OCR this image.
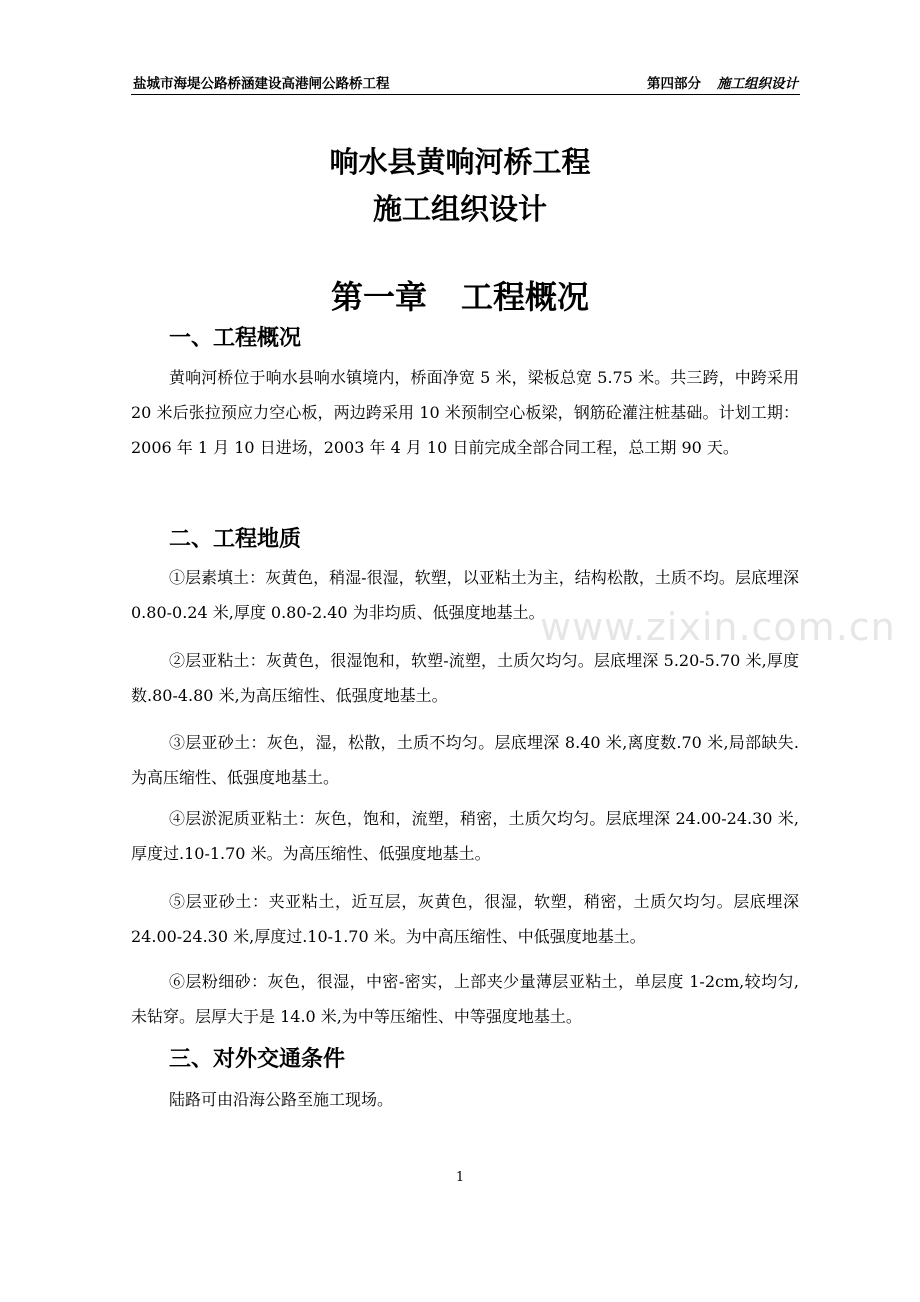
盐城市海堤公路桥涵建设高港闸公路桥工程	第四部分 施工组织设计
响水县黄响河桥工程
施工组织设计
第一章 工程概况
一、工程概况
黄响河桥位于响水县响水镇境内，桥面净宽 5 米，梁板总宽 5.75 米。共三跨，中跨采用 20 米后张拉预应力空心板，两边跨采用 10 米预制空心板梁，钢筋砼灌注桩基础。计划工期：2006 年 1 月 10 日进场，2003 年 4 月 10 日前完成全部合同工程，总工期 90 天。
二、工程地质
①层素填土：灰黄色，稍湿-很湿，软塑，以亚粘土为主，结构松散，土质不均。层底埋深 0.80-0.24 米,厚度 0.80-2.40 为非均质、低强度地基土。
②层亚粘土：灰黄色，很湿饱和，软塑-流塑，土质欠均匀。层底埋深 5.20-5.70 米,厚度数.80-4.80 米,为高压缩性、低强度地基土。
③层亚砂土：灰色，湿，松散，土质不均匀。层底埋深 8.40 米,离度数.70 米,局部缺失.为高压缩性、低强度地基土。
④层淤泥质亚粘土：灰色，饱和，流塑，稍密，土质欠均匀。层底埋深 24.00-24.30 米,厚度过.10-1.70 米。为高压缩性、低强度地基土。
⑤层亚砂土：夹亚粘土，近互层，灰黄色，很湿，软塑，稍密，土质欠均匀。层底埋深 24.00-24.30 米,厚度过.10-1.70 米。为中高压缩性、中低强度地基土。
⑥层粉细砂：灰色，很湿，中密-密实，上部夹少量薄层亚粘土，单层度 1-2cm,较均匀,未钻穿。层厚大于是 14.0 米,为中等压缩性、中等强度地基土。
三、对外交通条件
陆路可由沿海公路至施工现场。
www.zixin.com.cn
1
